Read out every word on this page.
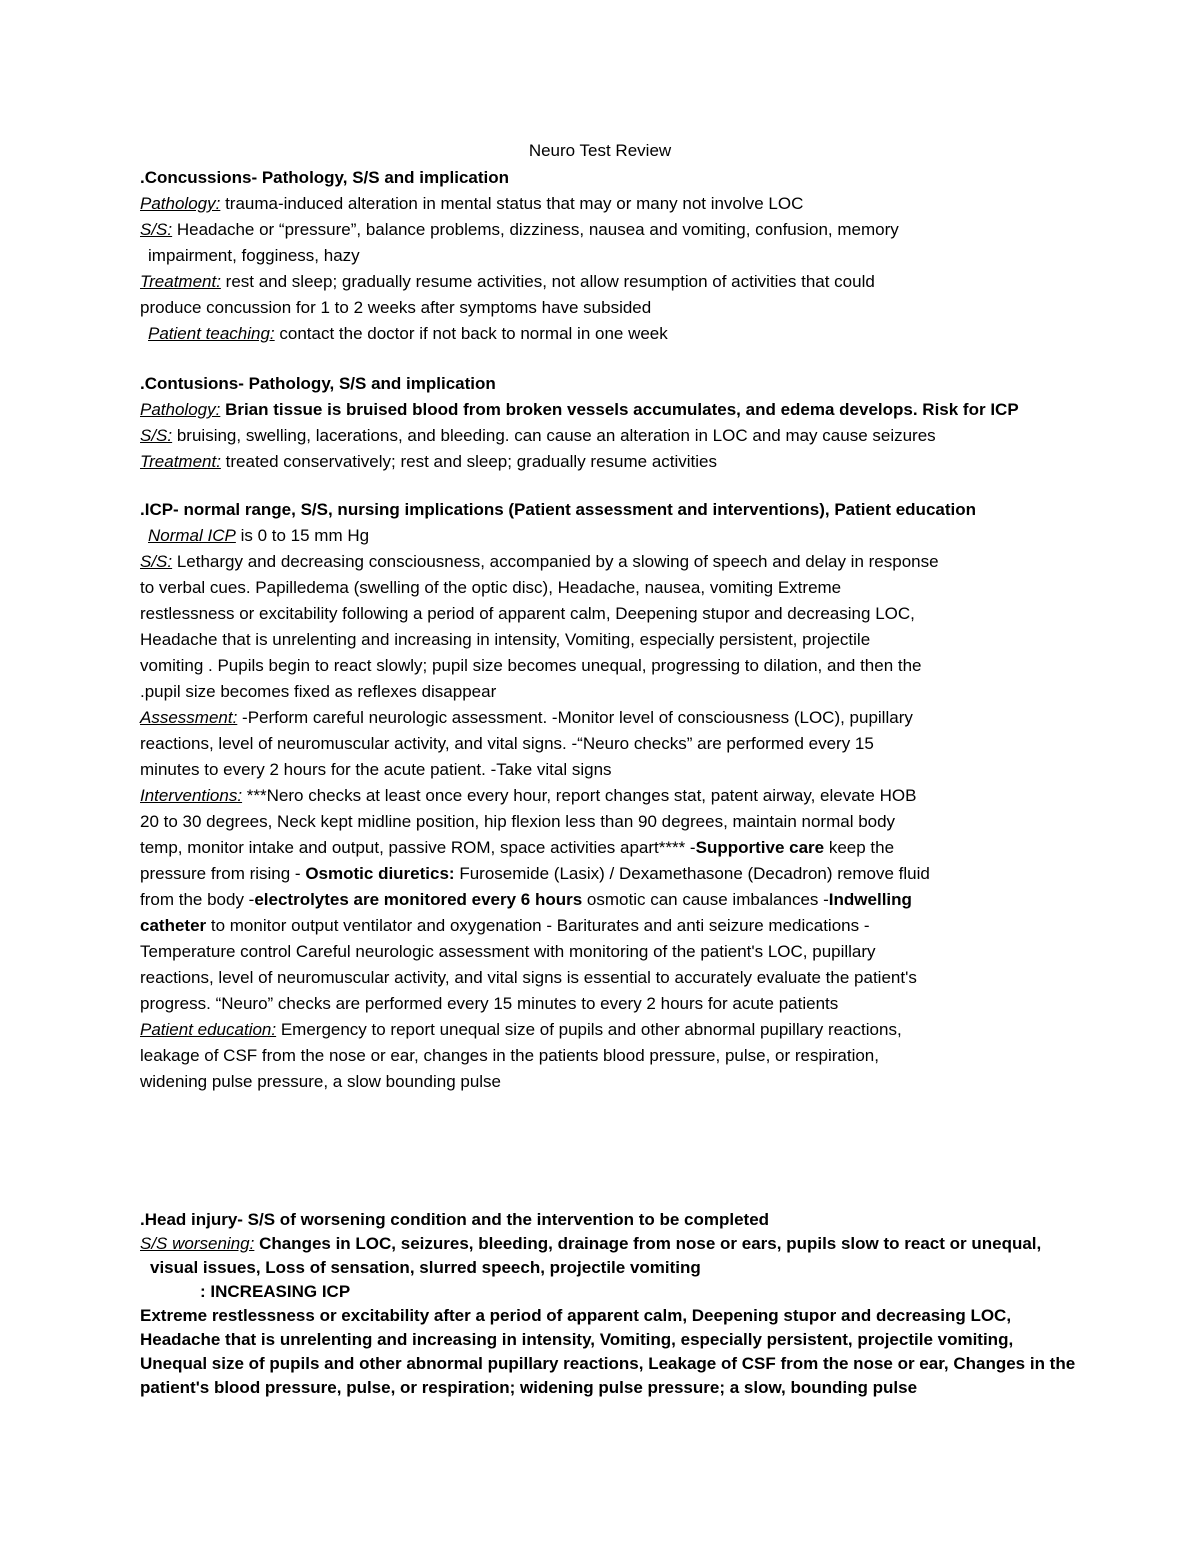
Neuro Test Review

.Concussions- Pathology, S/S and implication

Pathology: trauma-induced alteration in mental status that may or many not involve LOC

S/S: Headache or “pressure”, balance problems, dizziness, nausea and vomiting, confusion, memory

impairment, fogginess, hazy

Treatment: rest and sleep; gradually resume activities, not allow resumption of activities that could

produce concussion for 1 to 2 weeks after symptoms have subsided

Patient teaching: contact the doctor if not back to normal in one week

.Contusions- Pathology, S/S and implication

Pathology: Brian tissue is bruised blood from broken vessels accumulates, and edema develops. Risk for ICP

S/S: bruising, swelling, lacerations, and bleeding. can cause an alteration in LOC and may cause seizures

Treatment: treated conservatively; rest and sleep; gradually resume activities

.ICP- normal range, S/S, nursing implications (Patient assessment and interventions), Patient education

Normal ICP is 0 to 15 mm Hg

S/S: Lethargy and decreasing consciousness, accompanied by a slowing of speech and delay in response

to verbal cues. Papilledema (swelling of the optic disc), Headache, nausea, vomiting Extreme

restlessness or excitability following a period of apparent calm, Deepening stupor and decreasing LOC,

Headache that is unrelenting and increasing in intensity, Vomiting, especially persistent, projectile

vomiting . Pupils begin to react slowly; pupil size becomes unequal, progressing to dilation, and then the

.pupil size becomes fixed as reflexes disappear

Assessment: -Perform careful neurologic assessment. -Monitor level of consciousness (LOC), pupillary

reactions, level of neuromuscular activity, and vital signs. -“Neuro checks” are performed every 15

minutes to every 2 hours for the acute patient. -Take vital signs

Interventions: ***Nero checks at least once every hour, report changes stat, patent airway, elevate HOB

20 to 30 degrees, Neck kept midline position, hip flexion less than 90 degrees, maintain normal body

temp, monitor intake and output, passive ROM, space activities apart**** -Supportive care keep the

pressure from rising - Osmotic diuretics: Furosemide (Lasix) / Dexamethasone (Decadron) remove fluid

from the body -electrolytes are monitored every 6 hours osmotic can cause imbalances -Indwelling

catheter to monitor output ventilator and oxygenation - Bariturates and anti seizure medications -

Temperature control Careful neurologic assessment with monitoring of the patient's LOC, pupillary

reactions, level of neuromuscular activity, and vital signs is essential to accurately evaluate the patient's

progress. “Neuro” checks are performed every 15 minutes to every 2 hours for acute patients

Patient education: Emergency to report unequal size of pupils and other abnormal pupillary reactions,

leakage of CSF from the nose or ear, changes in the patients blood pressure, pulse, or respiration,

widening pulse pressure, a slow bounding pulse

.Head injury- S/S of worsening condition and the intervention to be completed

S/S worsening: Changes in LOC, seizures, bleeding, drainage from nose or ears, pupils slow to react or unequal,

visual issues, Loss of sensation, slurred speech, projectile vomiting

: INCREASING ICP

Extreme restlessness or excitability after a period of apparent calm, Deepening stupor and decreasing LOC,

Headache that is unrelenting and increasing in intensity, Vomiting, especially persistent, projectile vomiting,

Unequal size of pupils and other abnormal pupillary reactions, Leakage of CSF from the nose or ear, Changes in the

patient's blood pressure, pulse, or respiration; widening pulse pressure; a slow, bounding pulse
